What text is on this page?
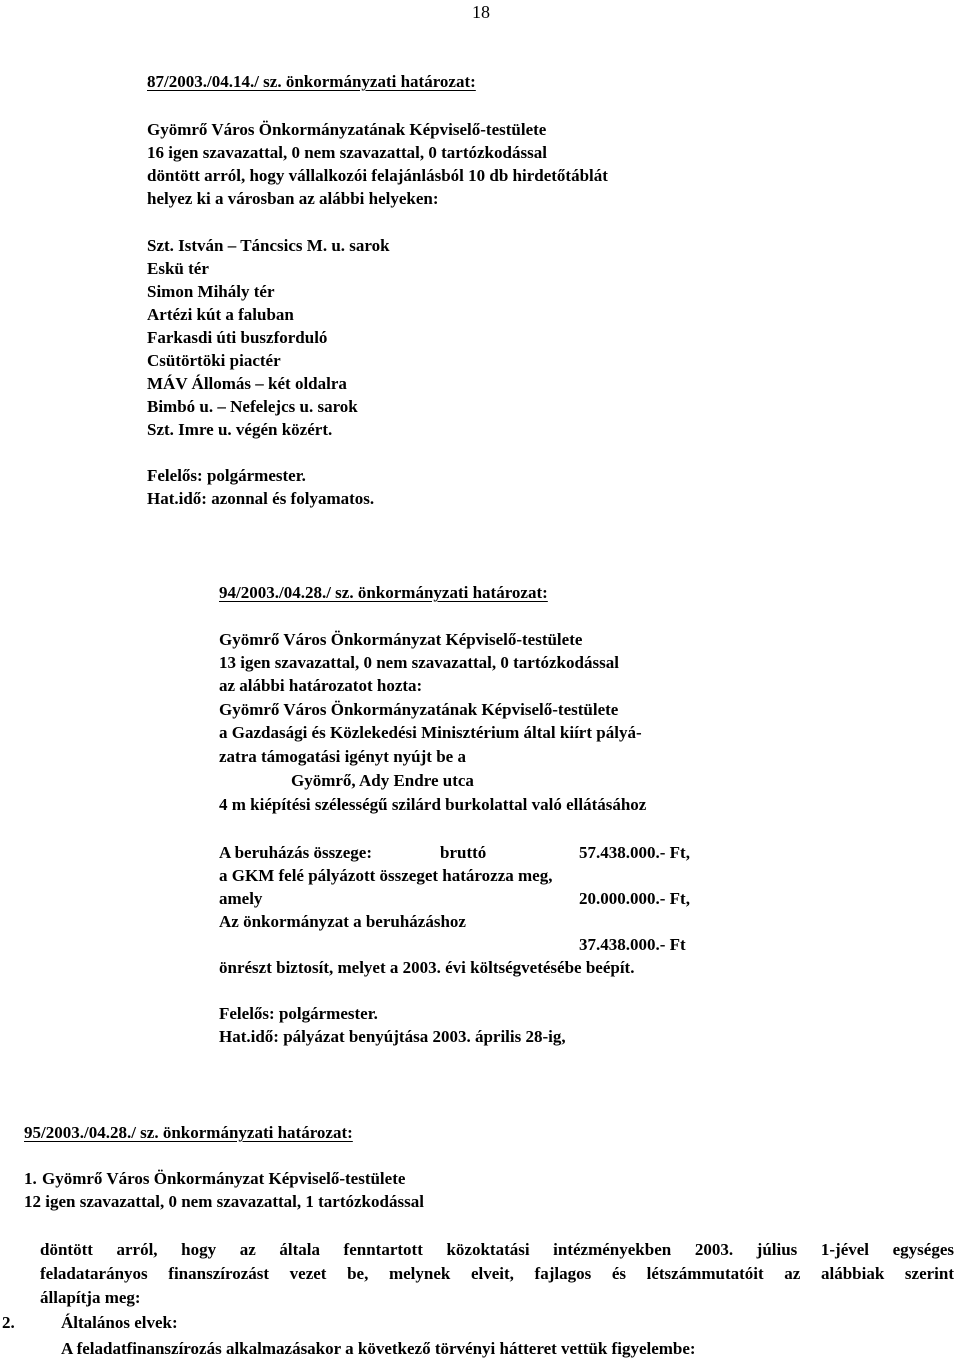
18
87/2003./04.14./ sz. önkormányzati határozat:
Gyömrő Város Önkormányzatának Képviselő-testülete
16 igen szavazattal, 0 nem szavazattal, 0 tartózkodással
döntött arról, hogy vállalkozói felajánlásból 10 db hirdetőtáblát
helyez ki a városban az alábbi helyeken:
Szt. István – Táncsics M. u. sarok
Eskü tér
Simon Mihály tér
Artézi kút a faluban
Farkasdi úti buszforduló
Csütörtöki piactér
MÁV Állomás – két oldalra
Bimbó u. – Nefelejcs u. sarok
Szt. Imre u. végén közért.
Felelős: polgármester.
Hat.idő: azonnal és folyamatos.
94/2003./04.28./ sz. önkormányzati határozat:
Gyömrő Város Önkormányzat Képviselő-testülete
13 igen szavazattal, 0 nem szavazattal, 0 tartózkodással
az alábbi határozatot hozta:
Gyömrő Város Önkormányzatának Képviselő-testülete
a Gazdasági és Közlekedési Minisztérium által kiírt pályá-
zatra támogatási igényt nyújt be a
Gyömrő, Ady Endre utca
4 m kiépítési szélességű szilárd burkolattal való ellátásához
A beruházás összege:	bruttó	57.438.000.- Ft,
a GKM felé pályázott összeget határozza meg,
amely	20.000.000.- Ft,
Az önkormányzat a beruházáshoz
37.438.000.- Ft
önrészt biztosít, melyet a 2003. évi költségvetésébe beépít.
Felelős: polgármester.
Hat.idő: pályázat benyújtása 2003. április 28-ig,
95/2003./04.28./ sz. önkormányzati határozat:
1. Gyömrő Város Önkormányzat Képviselő-testülete
12 igen szavazattal, 0 nem szavazattal, 1 tartózkodással
döntött arról, hogy az általa fenntartott közoktatási intézményekben 2003. július 1-jével egységes
feladatarányos finanszírozást vezet be, melynek elveit, fajlagos és létszámmutatóit az alábbiak szerint
állapítja meg:
2.	Általános elvek:
A feladatfinanszírozás alkalmazásakor a következő törvényi hátteret vettük figyelembe:
